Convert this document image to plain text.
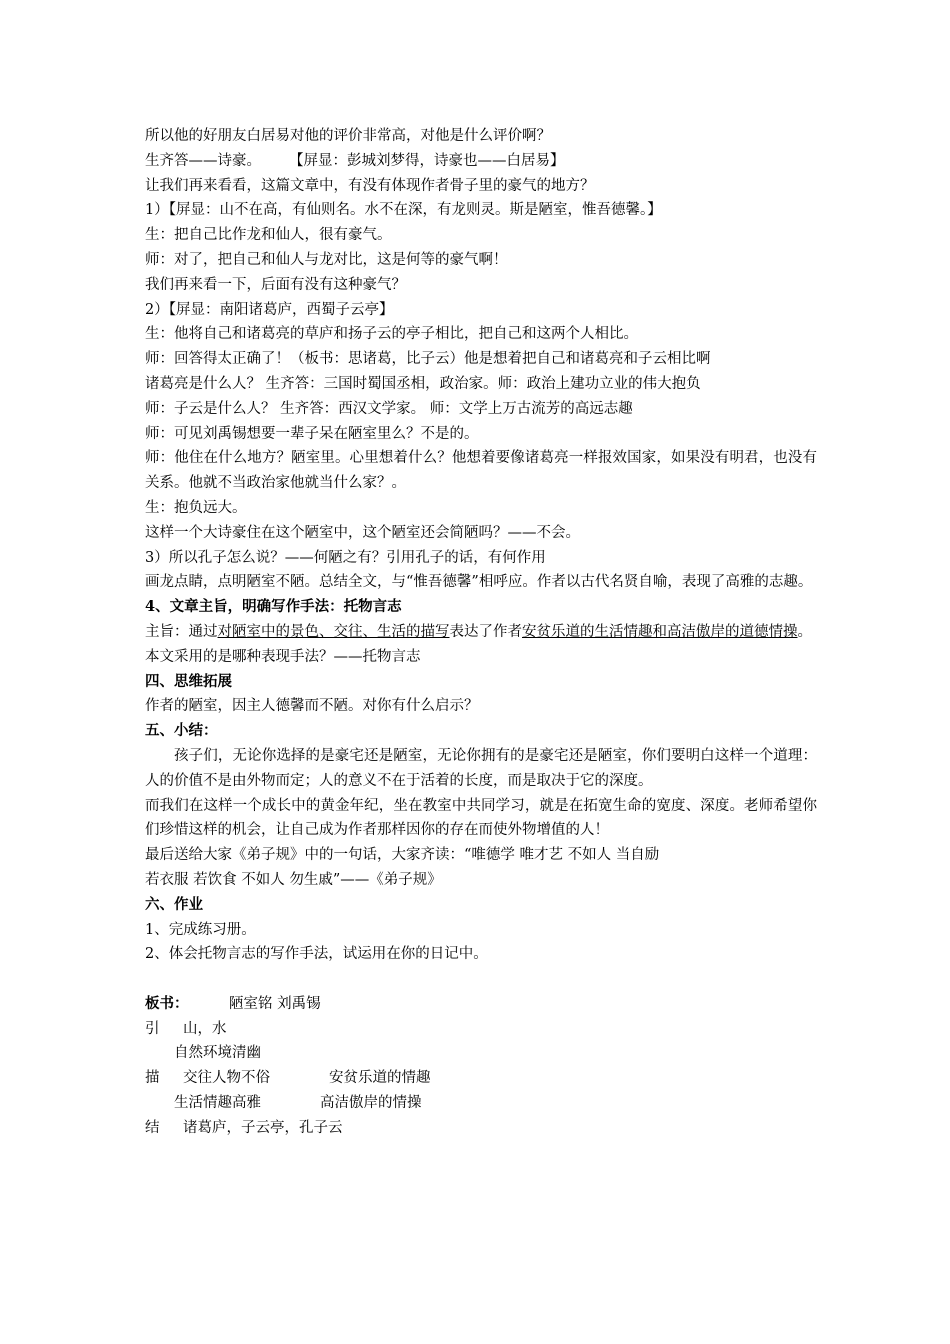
所以他的好朋友白居易对他的评价非常高，对他是什么评价啊？
生齐答——诗豪。 【屏显：彭城刘梦得，诗豪也——白居易】
让我们再来看看，这篇文章中，有没有体现作者骨子里的豪气的地方？
1）【屏显：山不在高，有仙则名。水不在深，有龙则灵。斯是陋室，惟吾德馨。】
生：把自己比作龙和仙人，很有豪气。
师：对了，把自己和仙人与龙对比，这是何等的豪气啊！
我们再来看一下，后面有没有这种豪气？
2）【屏显：南阳诸葛庐，西蜀子云亭】
生：他将自己和诸葛亮的草庐和扬子云的亭子相比，把自己和这两个人相比。
师：回答得太正确了！（板书：思诸葛，比子云）他是想着把自己和诸葛亮和子云相比啊
诸葛亮是什么人？ 生齐答：三国时蜀国丞相，政治家。师：政治上建功立业的伟大抱负
师：子云是什么人？ 生齐答：西汉文学家。 师：文学上万古流芳的高远志趣
师：可见刘禹锡想要一辈子呆在陋室里么？不是的。
师：他住在什么地方？陋室里。心里想着什么？他想着要像诸葛亮一样报效国家，如果没有明君，也没有关系。他就不当政治家他就当什么家？。
生：抱负远大。
这样一个大诗豪住在这个陋室中，这个陋室还会简陋吗？——不会。
3）所以孔子怎么说？——何陋之有？引用孔子的话，有何作用
画龙点睛，点明陋室不陋。总结全文，与“惟吾德馨”相呼应。作者以古代名贤自喻，表现了高雅的志趣。
4、文章主旨，明确写作手法：托物言志
主旨：通过对陋室中的景色、交往、生活的描写表达了作者安贫乐道的生活情趣和高洁傲岸的道德情操。
本文采用的是哪种表现手法？——托物言志
四、思维拓展
作者的陋室，因主人德馨而不陋。对你有什么启示？
五、小结：
孩子们，无论你选择的是豪宅还是陋室，无论你拥有的是豪宅还是陋室，你们要明白这样一个道理：人的价值不是由外物而定；人的意义不在于活着的长度，而是取决于它的深度。
而我们在这样一个成长中的黄金年纪，坐在教室中共同学习，就是在拓宽生命的宽度、深度。老师希望你们珍惜这样的机会，让自己成为作者那样因你的存在而使外物增值的人！
最后送给大家《弟子规》中的一句话，大家齐读：“唯德学 唯才艺 不如人 当自励
若衣服 若饮食 不如人 勿生戚”——《弟子规》
六、作业
1、完成练习册。
2、体会托物言志的写作手法，试运用在你的日记中。
板书：	陋室铭 刘禹锡
引 山，水
自然环境清幽
描 交往人物不俗	安贫乐道的情趣
生活情趣高雅	高洁傲岸的情操
结 诸葛庐，子云亭，孔子云
